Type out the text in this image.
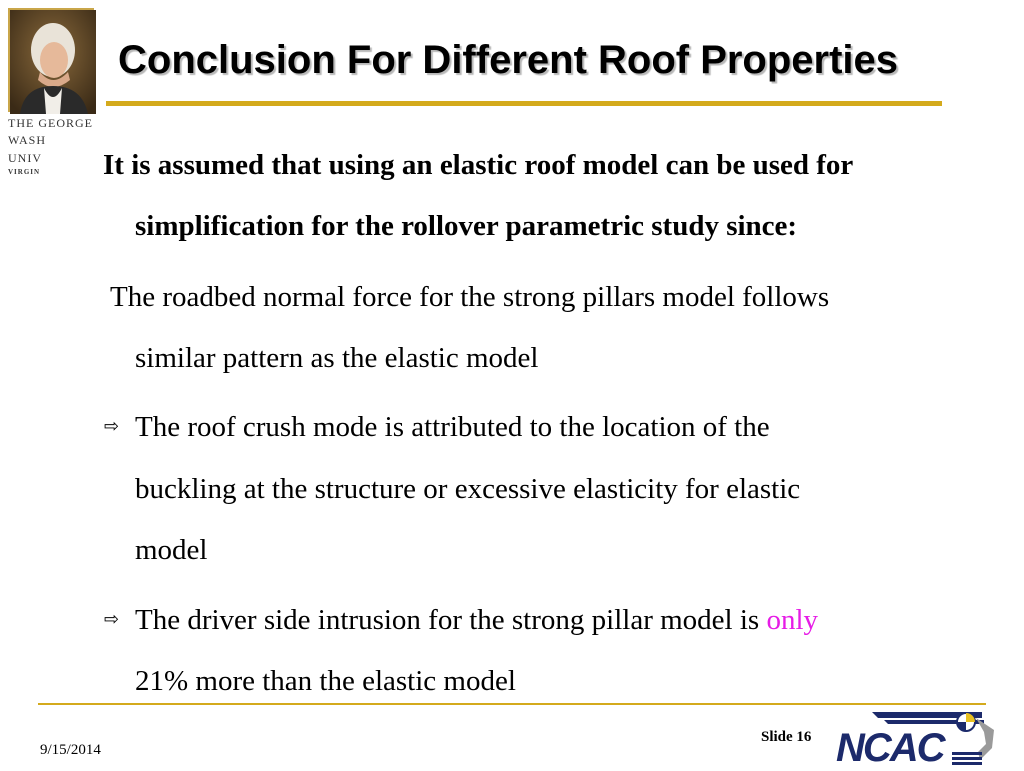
THE GEORGE
WASH
UNIV
VIRGIN
Conclusion For Different Roof Properties
It is assumed that using an elastic roof model can be used for
simplification for the rollover parametric study since:
The roadbed normal force for the strong pillars model follows
similar pattern as the elastic model
⇨ The roof crush mode is attributed to the location of the
buckling at the structure or excessive elasticity for elastic
model
⇨ The driver side intrusion for the strong pillar model is only
21% more than the elastic model
9/15/2014
Slide 16 NCAC
